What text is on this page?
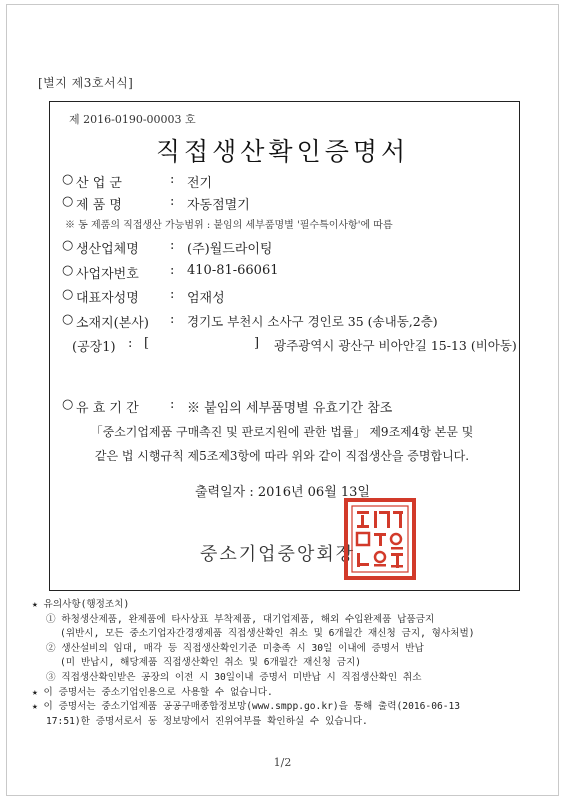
[별지 제3호서식]
제 2016-0190-00003 호
직접생산확인증명서
○ 산 업 군	: 전기
○ 제 품 명	: 자동점멸기
※ 동 제품의 직접생산 가능범위 : 붙임의 세부품명별 '필수특이사항'에 따름
○ 생산업체명 : (주)월드라이팅
○ 사업자번호 : 410-81-66061
○ 대표자성명 : 엄재성
○ 소재지(본사) : 경기도 부천시 소사구 경인로 35 (송내동,2층)
(공장1) : [	] 광주광역시 광산구 비아안길 15-13 (비아동)
○ 유 효 기 간 : ※ 붙임의 세부품명별 유효기간 참조
「중소기업제품 구매촉진 및 판로지원에 관한 법률」 제9조제4항 본문 및
같은 법 시행규칙 제5조제3항에 따라 위와 같이 직접생산을 증명합니다.
출력일자 : 2016년 06월 13일
중소기업중앙회장
★ 유의사항(행정조치)
① 하청생산제품, 완제품에 타사상표 부착제품, 대기업제품, 해외 수입완제품 납품금지
(위반시, 모든 중소기업자간경쟁제품 직접생산확인 취소 및 6개월간 재신청 금지, 형사처벌)
② 생산설비의 임대, 매각 등 직접생산확인기준 미충족 시 30일 이내에 증명서 반납
(미 반납시, 해당제품 직접생산확인 취소 및 6개월간 재신청 금지)
③ 직접생산확인받은 공장의 이전 시 30일이내 증명서 미반납 시 직접생산확인 취소
★ 이 증명서는 중소기업인용으로 사용할 수 없습니다.
★ 이 증명서는 중소기업제품 공공구매종합정보망(www.smpp.go.kr)을 통해 출력(2016-06-13
17:51)한 증명서로서 동 정보망에서 진위여부를 확인하실 수 있습니다.
1/2
